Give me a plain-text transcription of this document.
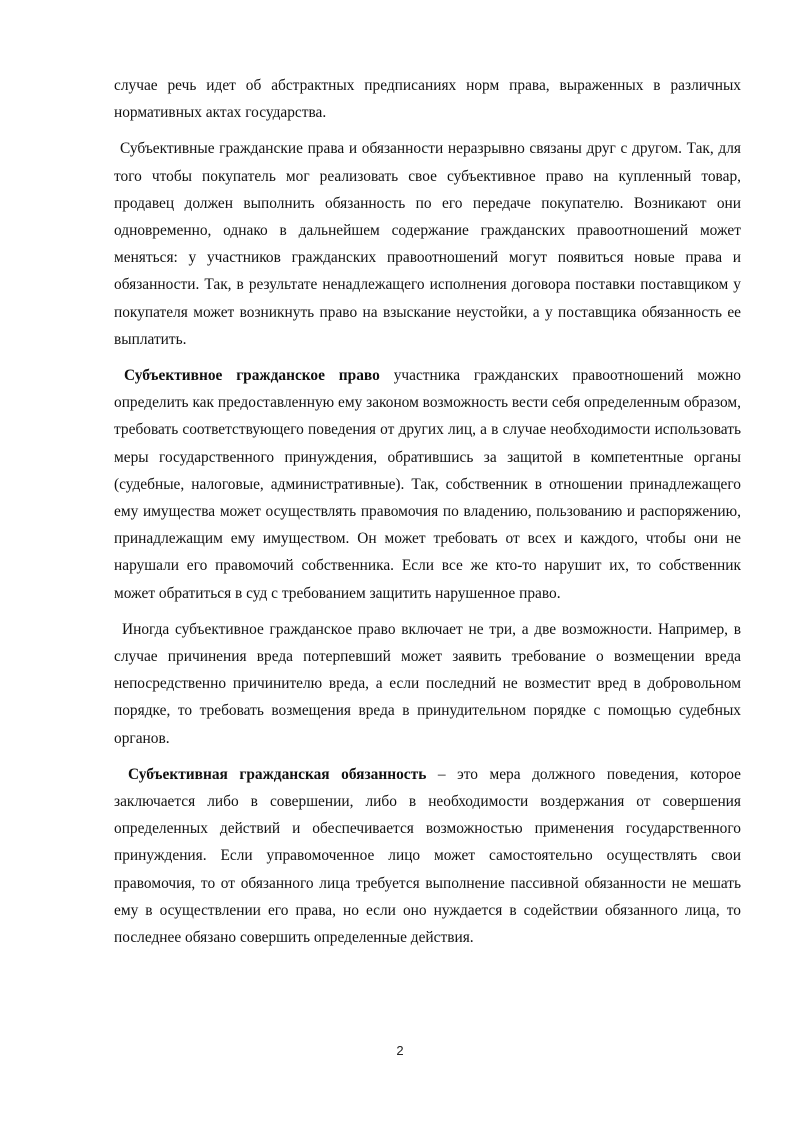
случае речь идет об абстрактных предписаниях норм права, выраженных в различных нормативных актах государства.

Субъективные гражданские права и обязанности неразрывно связаны друг с другом. Так, для того чтобы покупатель мог реализовать свое субъективное право на купленный товар, продавец должен выполнить обязанность по его передаче покупателю. Возникают они одновременно, однако в дальнейшем содержание гражданских правоотношений может меняться: у участников гражданских правоотношений могут появиться новые права и обязанности. Так, в результате ненадлежащего исполнения договора поставки поставщиком у покупателя может возникнуть право на взыскание неустойки, а у поставщика обязанность ее выплатить.

Субъективное гражданское право участника гражданских правоотношений можно определить как предоставленную ему законом возможность вести себя определенным образом, требовать соответствующего поведения от других лиц, а в случае необходимости использовать меры государственного принуждения, обратившись за защитой в компетентные органы (судебные, налоговые, административные). Так, собственник в отношении принадлежащего ему имущества может осуществлять правомочия по владению, пользованию и распоряжению, принадлежащим ему имуществом. Он может требовать от всех и каждого, чтобы они не нарушали его правомочий собственника. Если все же кто-то нарушит их, то собственник может обратиться в суд с требованием защитить нарушенное право.

Иногда субъективное гражданское право включает не три, а две возможности. Например, в случае причинения вреда потерпевший может заявить требование о возмещении вреда непосредственно причинителю вреда, а если последний не возместит вред в добровольном порядке, то требовать возмещения вреда в принудительном порядке с помощью судебных органов.

Субъективная гражданская обязанность – это мера должного поведения, которое заключается либо в совершении, либо в необходимости воздержания от совершения определенных действий и обеспечивается возможностью применения государственного принуждения. Если управомоченное лицо может самостоятельно осуществлять свои правомочия, то от обязанного лица требуется выполнение пассивной обязанности не мешать ему в осуществлении его права, но если оно нуждается в содействии обязанного лица, то последнее обязано совершить определенные действия.

2
